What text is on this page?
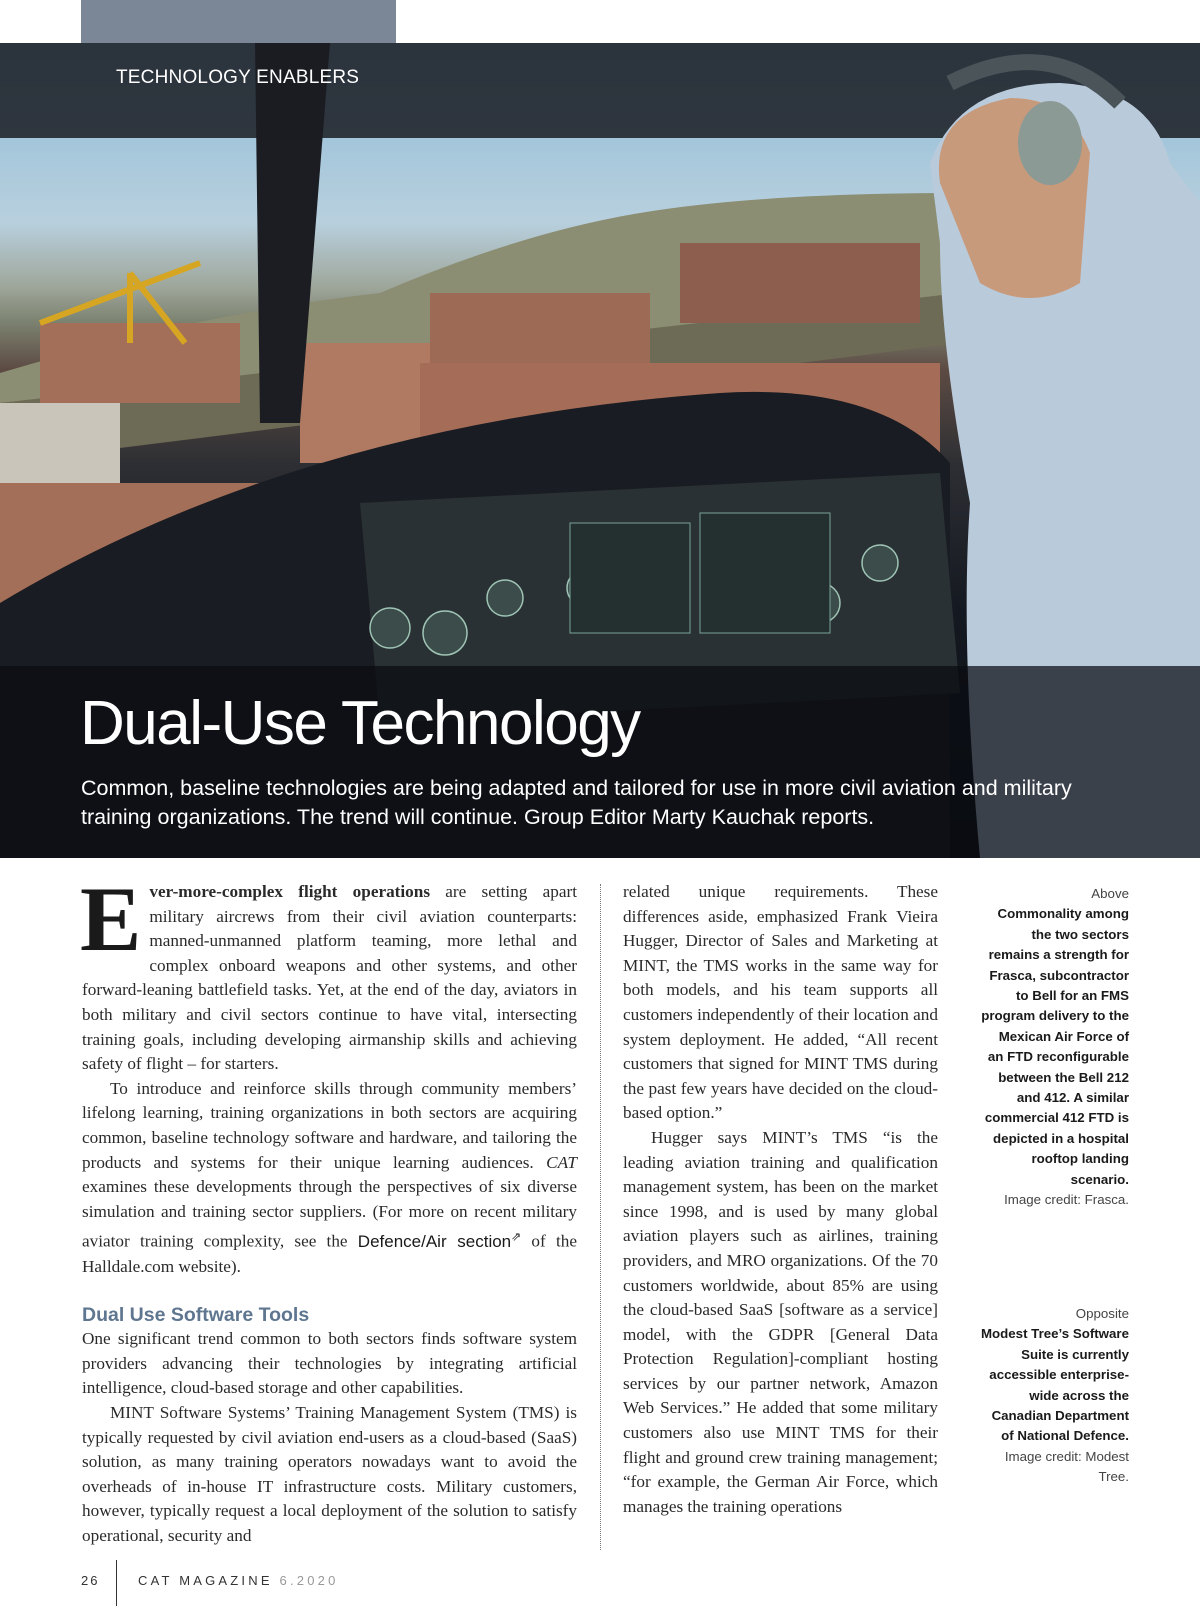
TECHNOLOGY ENABLERS
Dual-Use Technology

Common, baseline technologies are being adapted and tailored for use in more civil aviation and military training organizations. The trend will continue. Group Editor Marty Kauchak reports.

Ever-more-complex flight operations are setting apart military aircrews from their civil aviation counterparts: manned-unmanned platform teaming, more lethal and complex onboard weapons and other systems, and other forward-leaning battlefield tasks. Yet, at the end of the day, aviators in both military and civil sectors continue to have vital, intersecting training goals, including developing airmanship skills and achieving safety of flight – for starters.

To introduce and reinforce skills through community members’ lifelong learning, training organizations in both sectors are acquiring common, baseline technology software and hardware, and tailoring the products and systems for their unique learning audiences. CAT examines these developments through the perspectives of six diverse simulation and training sector suppliers. (For more on recent military aviator training complexity, see the Defence/Air section⇗ of the Halldale.com website).

Dual Use Software Tools

One significant trend common to both sectors finds software system providers advancing their technologies by integrating artificial intelligence, cloud-based storage and other capabilities.

MINT Software Systems’ Training Management System (TMS) is typically requested by civil aviation end-users as a cloud-based (SaaS) solution, as many training operators nowadays want to avoid the overheads of in-house IT infrastructure costs. Military customers, however, typically request a local deployment of the solution to satisfy operational, security and

related unique requirements. These differences aside, emphasized Frank Vieira Hugger, Director of Sales and Marketing at MINT, the TMS works in the same way for both models, and his team supports all customers independently of their location and system deployment. He added, “All recent customers that signed for MINT TMS during the past few years have decided on the cloud-based option.”

Hugger says MINT’s TMS “is the leading aviation training and qualification management system, has been on the market since 1998, and is used by many global aviation players such as airlines, training providers, and MRO organizations. Of the 70 customers worldwide, about 85% are using the cloud-based SaaS [software as a service] model, with the GDPR [General Data Protection Regulation]-compliant hosting services by our partner network, Amazon Web Services.” He added that some military customers also use MINT TMS for their flight and ground crew training management; “for example, the German Air Force, which manages the training operations

Above
Commonality among the two sectors remains a strength for Frasca, subcontractor to Bell for an FMS program delivery to the Mexican Air Force of an FTD reconfigurable between the Bell 212 and 412. A similar commercial 412 FTD is depicted in a hospital rooftop landing scenario.
Image credit: Frasca.
Opposite
Modest Tree’s Software Suite is currently accessible enterprise-wide across the Canadian Department of National Defence.
Image credit: Modest Tree.
26	CAT MAGAZINE 6.2020
